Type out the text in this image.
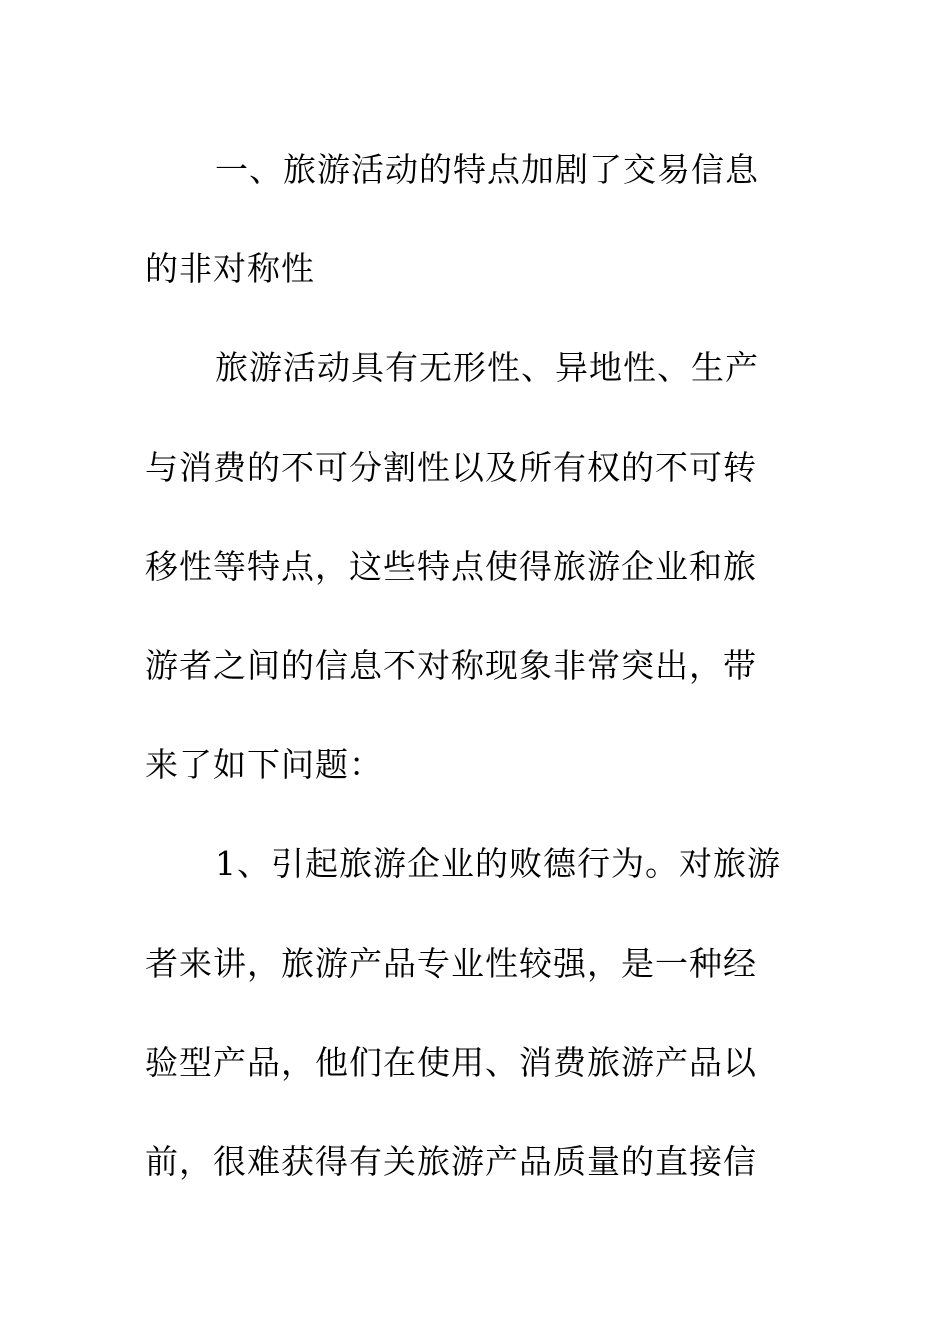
一、旅游活动的特点加剧了交易信息
的非对称性
旅游活动具有无形性、异地性、生产
与消费的不可分割性以及所有权的不可转
移性等特点，这些特点使得旅游企业和旅
游者之间的信息不对称现象非常突出，带
来了如下问题：
1、引起旅游企业的败德行为。对旅游
者来讲，旅游产品专业性较强，是一种经
验型产品，他们在使用、消费旅游产品以
前，很难获得有关旅游产品质量的直接信
